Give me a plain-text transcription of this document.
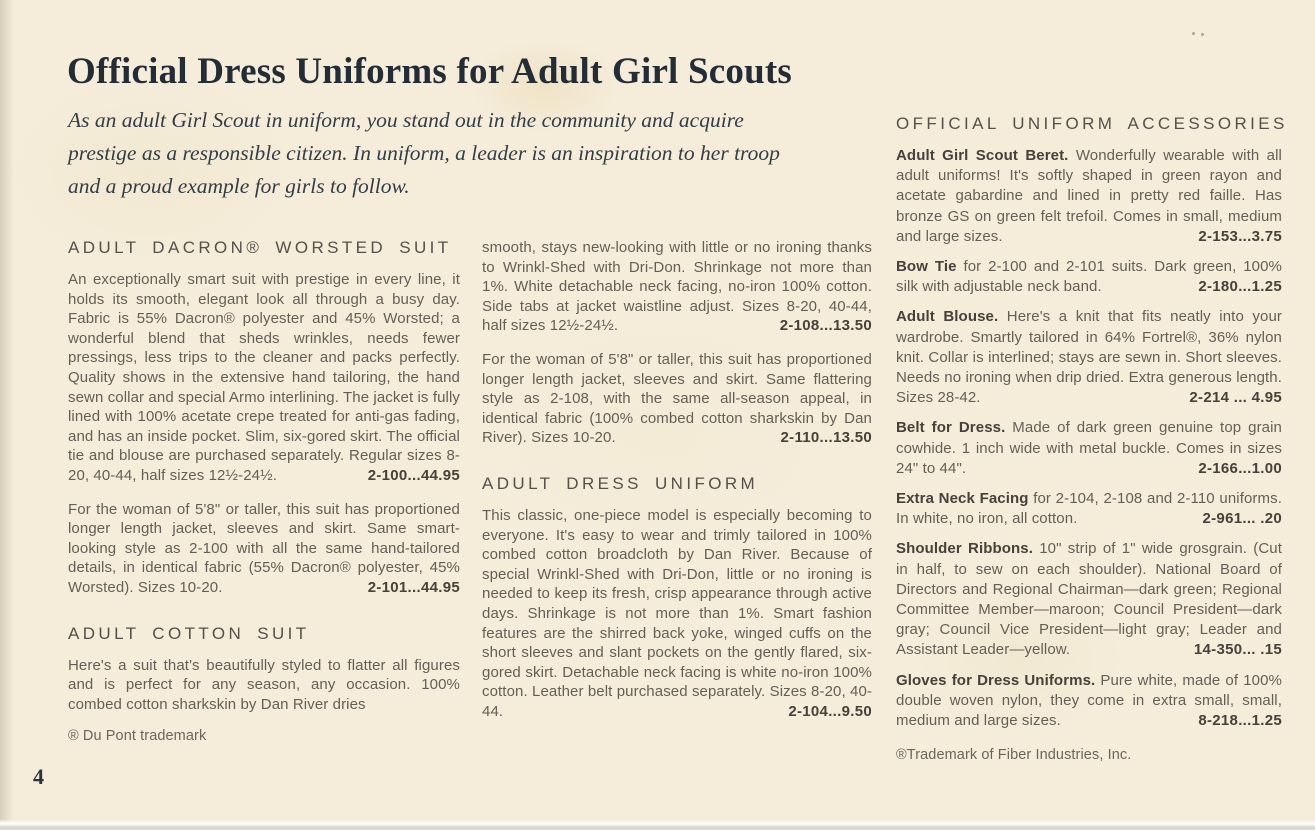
Official Dress Uniforms for Adult Girl Scouts

As an adult Girl Scout in uniform, you stand out in the community and acquire prestige as a responsible citizen. In uniform, a leader is an inspiration to her troop and a proud example for girls to follow.

ADULT DACRON® WORSTED SUIT

An exceptionally smart suit with prestige in every line, it holds its smooth, elegant look all through a busy day. Fabric is 55% Dacron® polyester and 45% Worsted; a wonderful blend that sheds wrinkles, needs fewer pressings, less trips to the cleaner and packs perfectly. Quality shows in the extensive hand tailoring, the hand sewn collar and special Armo interlining. The jacket is fully lined with 100% acetate crepe treated for anti-gas fading, and has an inside pocket. Slim, six-gored skirt. The official tie and blouse are purchased separately. Regular sizes 8-20, 40-44, half sizes 12½-24½.	2-100...44.95

For the woman of 5'8" or taller, this suit has proportioned longer length jacket, sleeves and skirt. Same smart-looking style as 2-100 with all the same hand-tailored details, in identical fabric (55% Dacron® polyester, 45% Worsted). Sizes 10-20.	2-101...44.95

ADULT COTTON SUIT

Here's a suit that's beautifully styled to flatter all figures and is perfect for any season, any occasion. 100% combed cotton sharkskin by Dan River dries

® Du Pont trademark

smooth, stays new-looking with little or no ironing thanks to Wrinkl-Shed with Dri-Don. Shrinkage not more than 1%. White detachable neck facing, no-iron 100% cotton. Side tabs at jacket waistline adjust. Sizes 8-20, 40-44, half sizes 12½-24½.	2-108...13.50

For the woman of 5'8" or taller, this suit has proportioned longer length jacket, sleeves and skirt. Same flattering style as 2-108, with the same all-season appeal, in identical fabric (100% combed cotton sharkskin by Dan River). Sizes 10-20.	2-110...13.50

ADULT DRESS UNIFORM

This classic, one-piece model is especially becoming to everyone. It's easy to wear and trimly tailored in 100% combed cotton broadcloth by Dan River. Because of special Wrinkl-Shed with Dri-Don, little or no ironing is needed to keep its fresh, crisp appearance through active days. Shrinkage is not more than 1%. Smart fashion features are the shirred back yoke, winged cuffs on the short sleeves and slant pockets on the gently flared, six-gored skirt. Detachable neck facing is white no-iron 100% cotton. Leather belt purchased separately. Sizes 8-20, 40-44.	2-104...9.50

OFFICIAL UNIFORM ACCESSORIES

Adult Girl Scout Beret. Wonderfully wearable with all adult uniforms! It's softly shaped in green rayon and acetate gabardine and lined in pretty red faille. Has bronze GS on green felt trefoil. Comes in small, medium and large sizes.	2-153...3.75

Bow Tie for 2-100 and 2-101 suits. Dark green, 100% silk with adjustable neck band.	2-180...1.25

Adult Blouse. Here's a knit that fits neatly into your wardrobe. Smartly tailored in 64% Fortrel®, 36% nylon knit. Collar is interlined; stays are sewn in. Short sleeves. Needs no ironing when drip dried. Extra generous length. Sizes 28-42.	2-214 ... 4.95

Belt for Dress. Made of dark green genuine top grain cowhide. 1 inch wide with metal buckle. Comes in sizes 24" to 44".	2-166...1.00

Extra Neck Facing for 2-104, 2-108 and 2-110 uniforms. In white, no iron, all cotton.	2-961... .20

Shoulder Ribbons. 10" strip of 1" wide grosgrain. (Cut in half, to sew on each shoulder). National Board of Directors and Regional Chairman—dark green; Regional Committee Member—maroon; Council President—dark gray; Council Vice President—light gray; Leader and Assistant Leader—yellow.	14-350... .15

Gloves for Dress Uniforms. Pure white, made of 100% double woven nylon, they come in extra small, small, medium and large sizes.	8-218...1.25

®Trademark of Fiber Industries, Inc.

4
